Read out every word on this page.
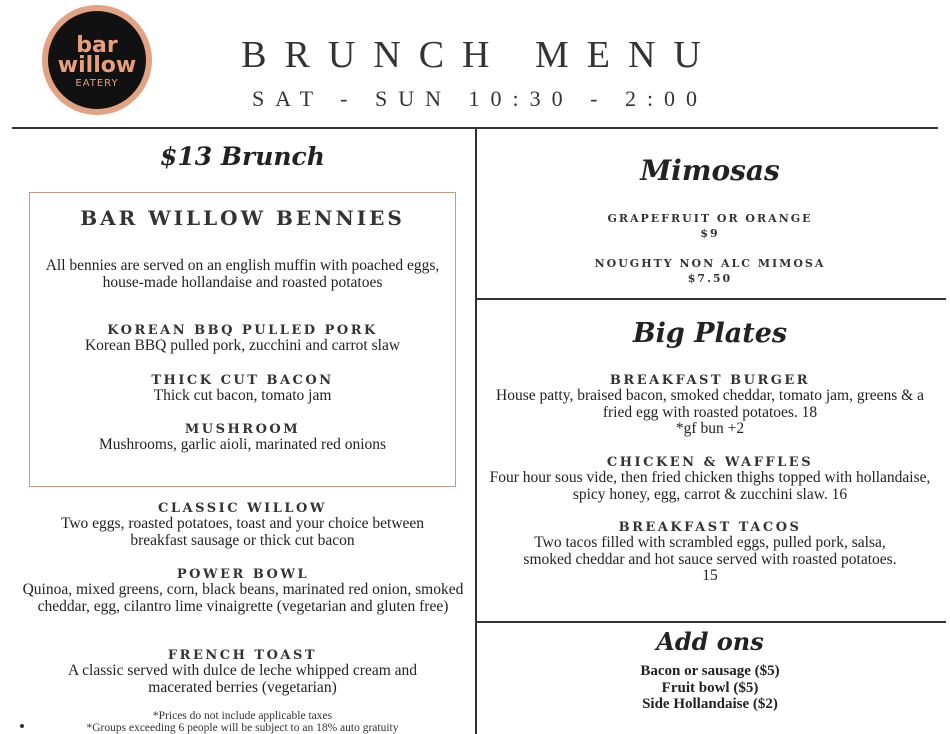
bar
willow
EATERY
BRUNCH MENU
SAT - SUN 10:30 - 2:00
$13 Brunch
BAR WILLOW BENNIES
All bennies are served on an english muffin with poached eggs, house-made hollandaise and roasted potatoes
KOREAN BBQ PULLED PORK
Korean BBQ pulled pork, zucchini and carrot slaw
THICK CUT BACON
Thick cut bacon, tomato jam
MUSHROOM
Mushrooms, garlic aioli, marinated red onions
CLASSIC WILLOW
Two eggs, roasted potatoes, toast and your choice between breakfast sausage or thick cut bacon
POWER BOWL
Quinoa, mixed greens, corn, black beans, marinated red onion, smoked cheddar, egg, cilantro lime vinaigrette (vegetarian and gluten free)
FRENCH TOAST
A classic served with dulce de leche whipped cream and macerated berries (vegetarian)
*Prices do not include applicable taxes
*Groups exceeding 6 people will be subject to an 18% auto gratuity
Mimosas
GRAPEFRUIT OR ORANGE
$9
NOUGHTY NON ALC MIMOSA
$7.50
Big Plates
BREAKFAST BURGER
House patty, braised bacon, smoked cheddar, tomato jam, greens & a fried egg with roasted potatoes. 18
*gf bun +2
CHICKEN & WAFFLES
Four hour sous vide, then fried chicken thighs topped with hollandaise, spicy honey, egg, carrot & zucchini slaw. 16
BREAKFAST TACOS
Two tacos filled with scrambled eggs, pulled pork, salsa, smoked cheddar and hot sauce served with roasted potatoes. 15
Add ons
Bacon or sausage ($5)
Fruit bowl ($5)
Side Hollandaise ($2)
